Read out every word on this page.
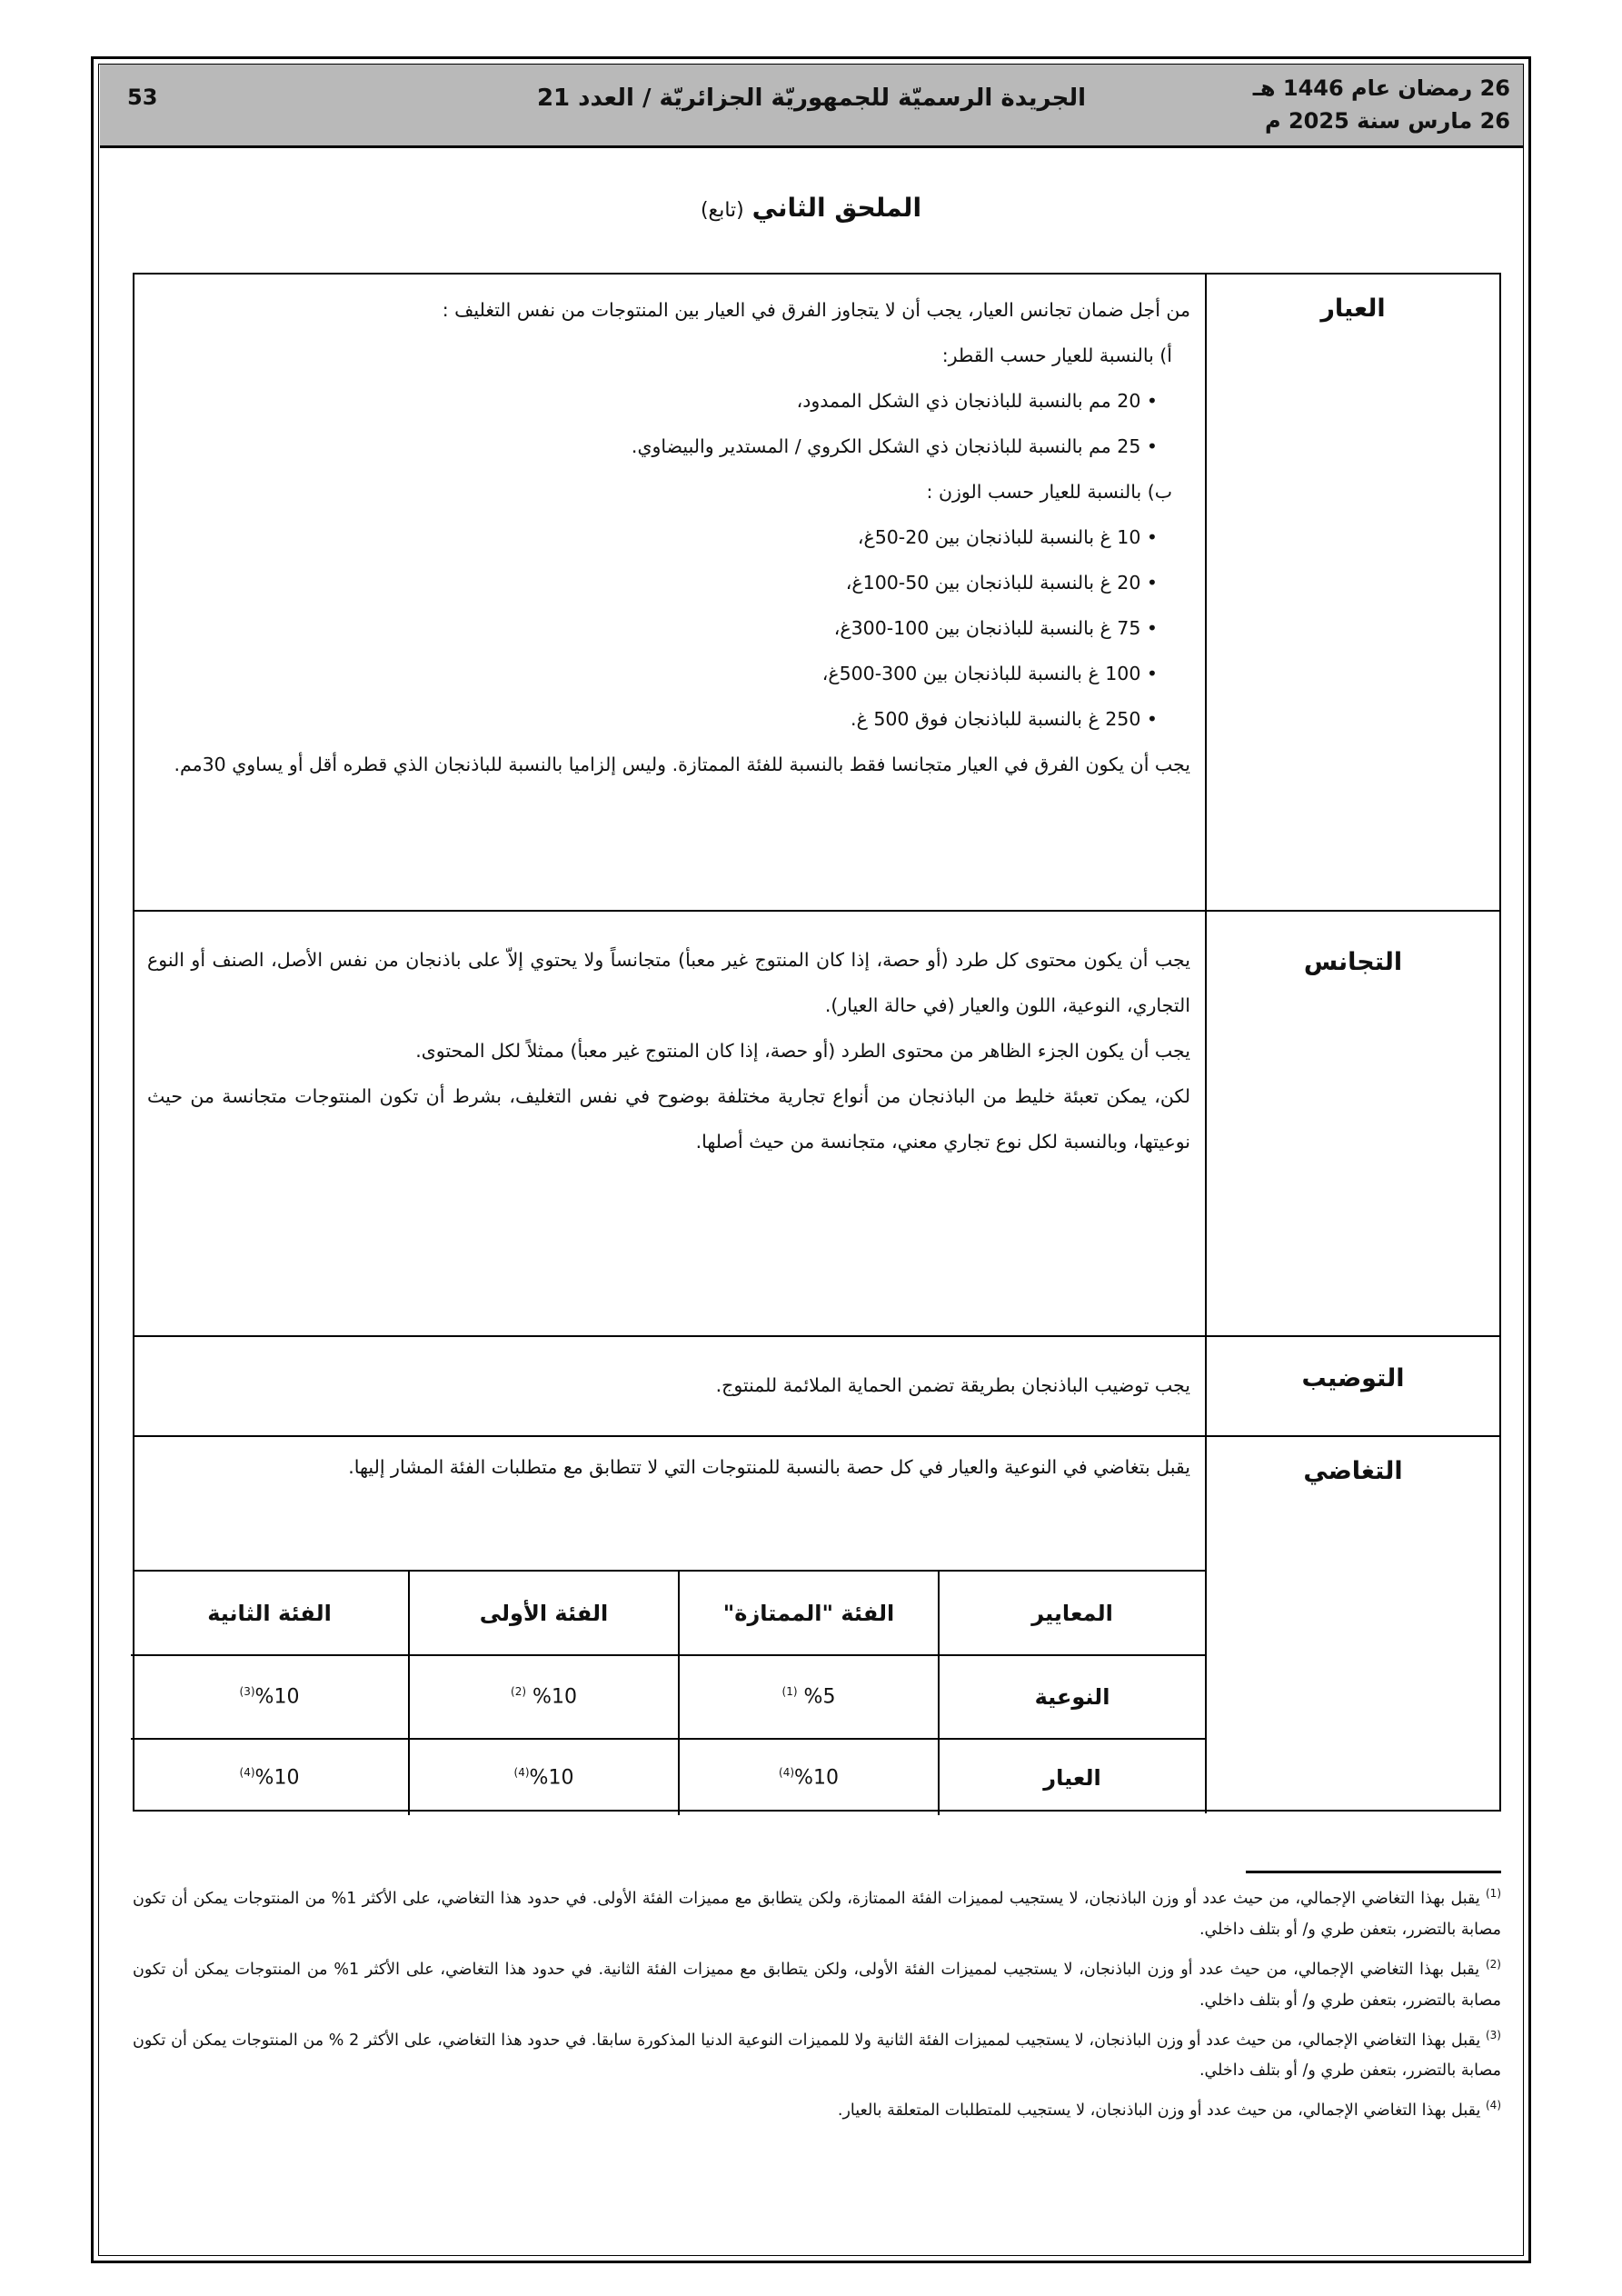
26 رمضان عام 1446 هـ
26 مارس سنة 2025 م
الجريدة الرسميّة للجمهوريّة الجزائريّة / العدد 21
53
الملحق الثاني (تابع)
العيار

من أجل ضمان تجانس العيار، يجب أن لا يتجاوز الفرق في العيار بين المنتوجات من نفس التغليف :

أ) بالنسبة للعيار حسب القطر:

• 20 مم بالنسبة للباذنجان ذي الشكل الممدود،

• 25 مم بالنسبة للباذنجان ذي الشكل الكروي / المستدير والبيضاوي.

ب) بالنسبة للعيار حسب الوزن :

• 10 غ بالنسبة للباذنجان بين 20-50غ،

• 20 غ بالنسبة للباذنجان بين 50-100غ،

• 75 غ بالنسبة للباذنجان بين 100-300غ،

• 100 غ بالنسبة للباذنجان بين 300-500غ،

• 250 غ بالنسبة للباذنجان فوق 500 غ.

يجب أن يكون الفرق في العيار متجانسا فقط بالنسبة للفئة الممتازة. وليس إلزاميا بالنسبة للباذنجان الذي قطره أقل أو يساوي 30مم.

التجانس

يجب أن يكون محتوى كل طرد (أو حصة، إذا كان المنتوج غير معبأ) متجانساً ولا يحتوي إلاّ على باذنجان من نفس الأصل، الصنف أو النوع التجاري، النوعية، اللون والعيار (في حالة العيار).

يجب أن يكون الجزء الظاهر من محتوى الطرد (أو حصة، إذا كان المنتوج غير معبأ) ممثلاً لكل المحتوى.

لكن، يمكن تعبئة خليط من الباذنجان من أنواع تجارية مختلفة بوضوح في نفس التغليف، بشرط أن تكون المنتوجات متجانسة من حيث نوعيتها، وبالنسبة لكل نوع تجاري معني، متجانسة من حيث أصلها.

التوضيب
يجب توضيب الباذنجان بطريقة تضمن الحماية الملائمة للمنتوج.
التغاضي
يقبل بتغاضي في النوعية والعيار في كل حصة بالنسبة للمنتوجات التي لا تتطابق مع متطلبات الفئة المشار إليها.
المعايير
الفئة "الممتازة"
الفئة الأولى
الفئة الثانية
النوعية
$^{(1)}$ %5
$^{(2)}$ %10
$^{(3)}$%10
العيار
$^{(4)}$%10
$^{(4)}$%10
$^{(4)}$%10

$^{(1)}$ يقبل بهذا التغاضي الإجمالي، من حيث عدد أو وزن الباذنجان، لا يستجيب لمميزات الفئة الممتازة، ولكن يتطابق مع مميزات الفئة الأولى. في حدود هذا التغاضي، على الأكثر 1% من المنتوجات يمكن أن تكون مصابة بالتضرر، بتعفن طري و/ أو بتلف داخلي.

$^{(2)}$ يقبل بهذا التغاضي الإجمالي، من حيث عدد أو وزن الباذنجان، لا يستجيب لمميزات الفئة الأولى، ولكن يتطابق مع مميزات الفئة الثانية. في حدود هذا التغاضي، على الأكثر 1% من المنتوجات يمكن أن تكون مصابة بالتضرر، بتعفن طري و/ أو بتلف داخلي.

$^{(3)}$ يقبل بهذا التغاضي الإجمالي، من حيث عدد أو وزن الباذنجان، لا يستجيب لمميزات الفئة الثانية ولا للمميزات النوعية الدنيا المذكورة سابقا. في حدود هذا التغاضي، على الأكثر 2 % من المنتوجات يمكن أن تكون مصابة بالتضرر، بتعفن طري و/ أو بتلف داخلي.

$^{(4)}$ يقبل بهذا التغاضي الإجمالي، من حيث عدد أو وزن الباذنجان، لا يستجيب للمتطلبات المتعلقة بالعيار.
